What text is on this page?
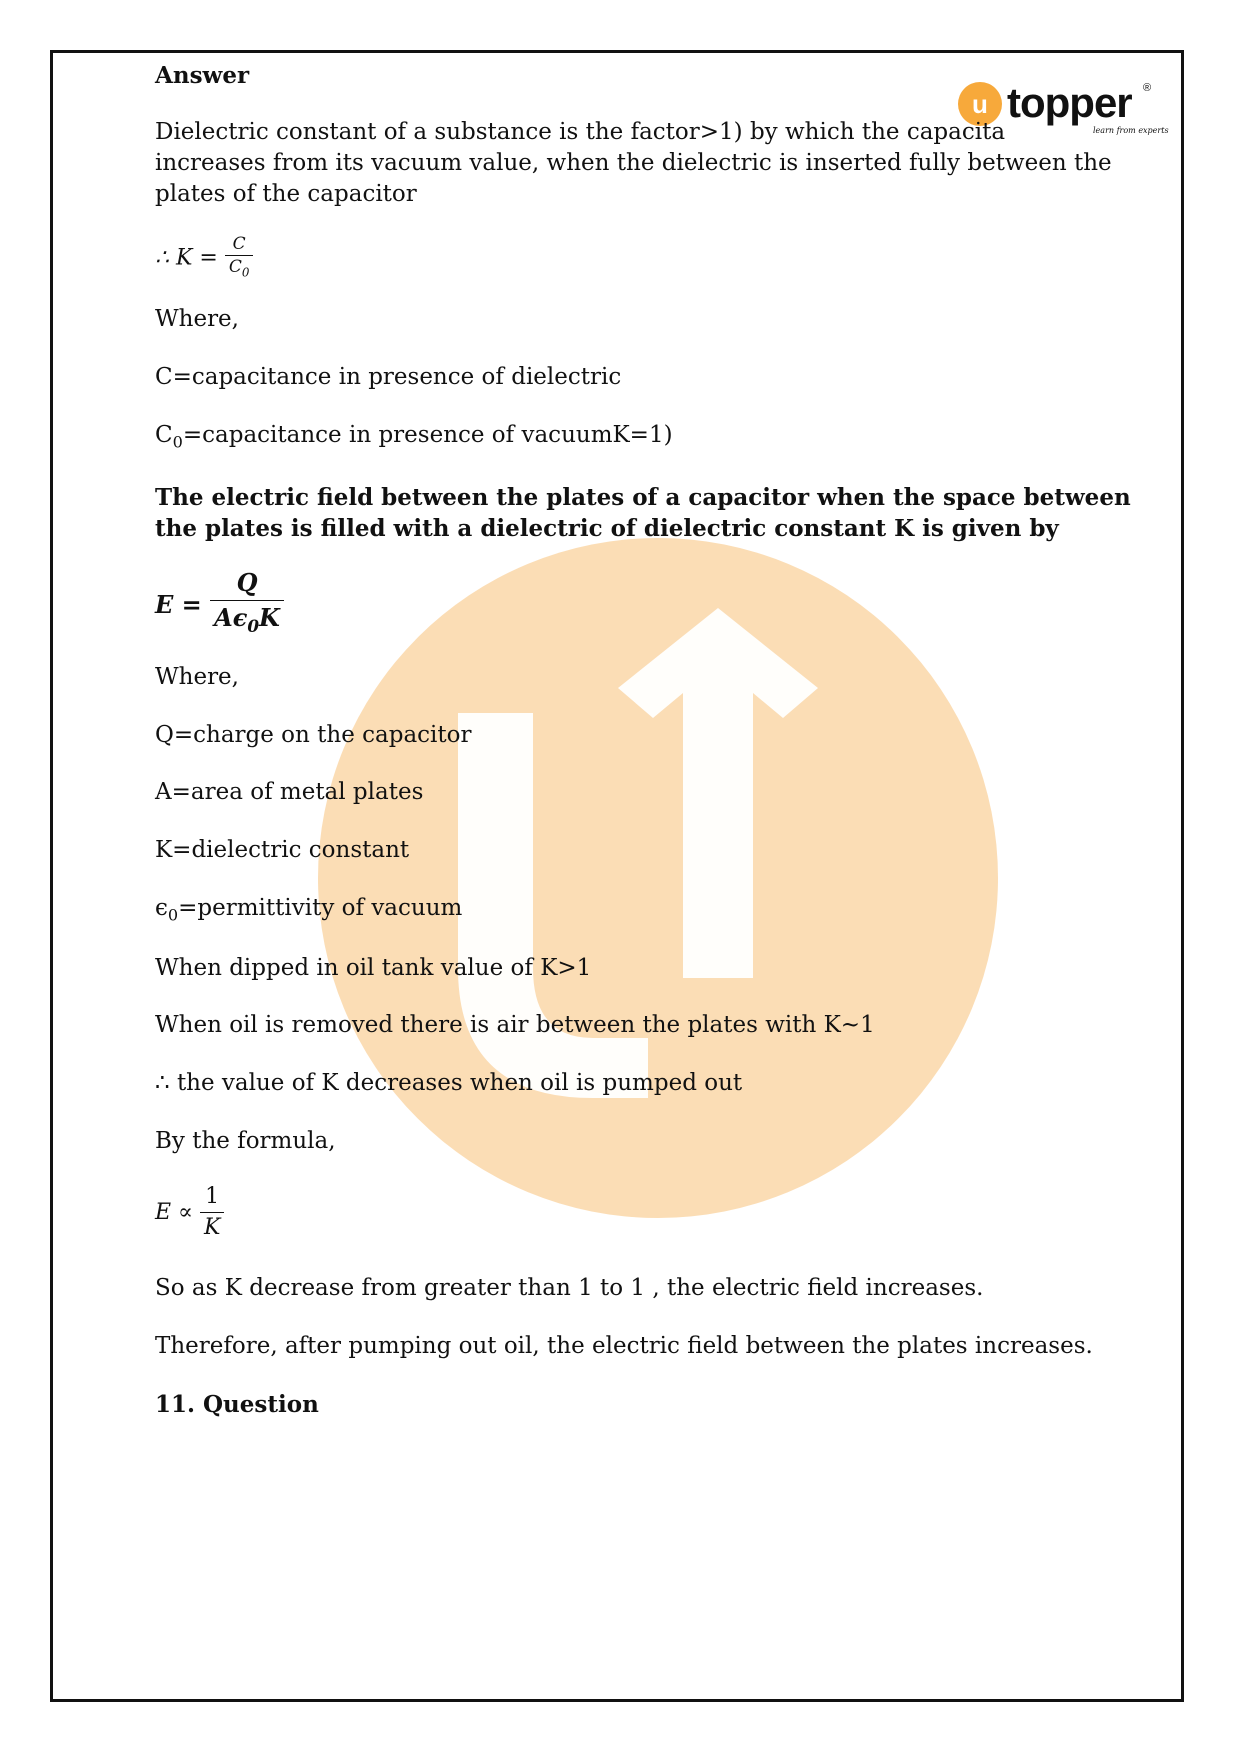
u topper ®
learn from experts
Answer
Dielectric constant of a substance is the factor>1) by which the capacita
increases from its vacuum value, when the dielectric is inserted fully between the
plates of the capacitor
∴ $K = \frac{C}{C_0}$
Where,
C=capacitance in presence of dielectric
$C_0=capacitance$ in presence of vacuumK=1)
The electric field between the plates of a capacitor when the space between
the plates is filled with a dielectric of dielectric constant K is given by
$E = \frac{Q}{A\epsilon_0K}$
Where,
Q=charge on the capacitor
A=area of metal plates
K=dielectric constant
$\epsilon_0=permittivity$ of vacuum
When dipped in oil tank value of K>1
When oil is removed there is air between the plates with K~1
∴ the value of K decreases when oil is pumped out
By the formula,
$E \propto \frac{1}{K}$
So as K decrease from greater than 1 to 1 , the electric field increases.
Therefore, after pumping out oil, the electric field between the plates increases.
11. Question
